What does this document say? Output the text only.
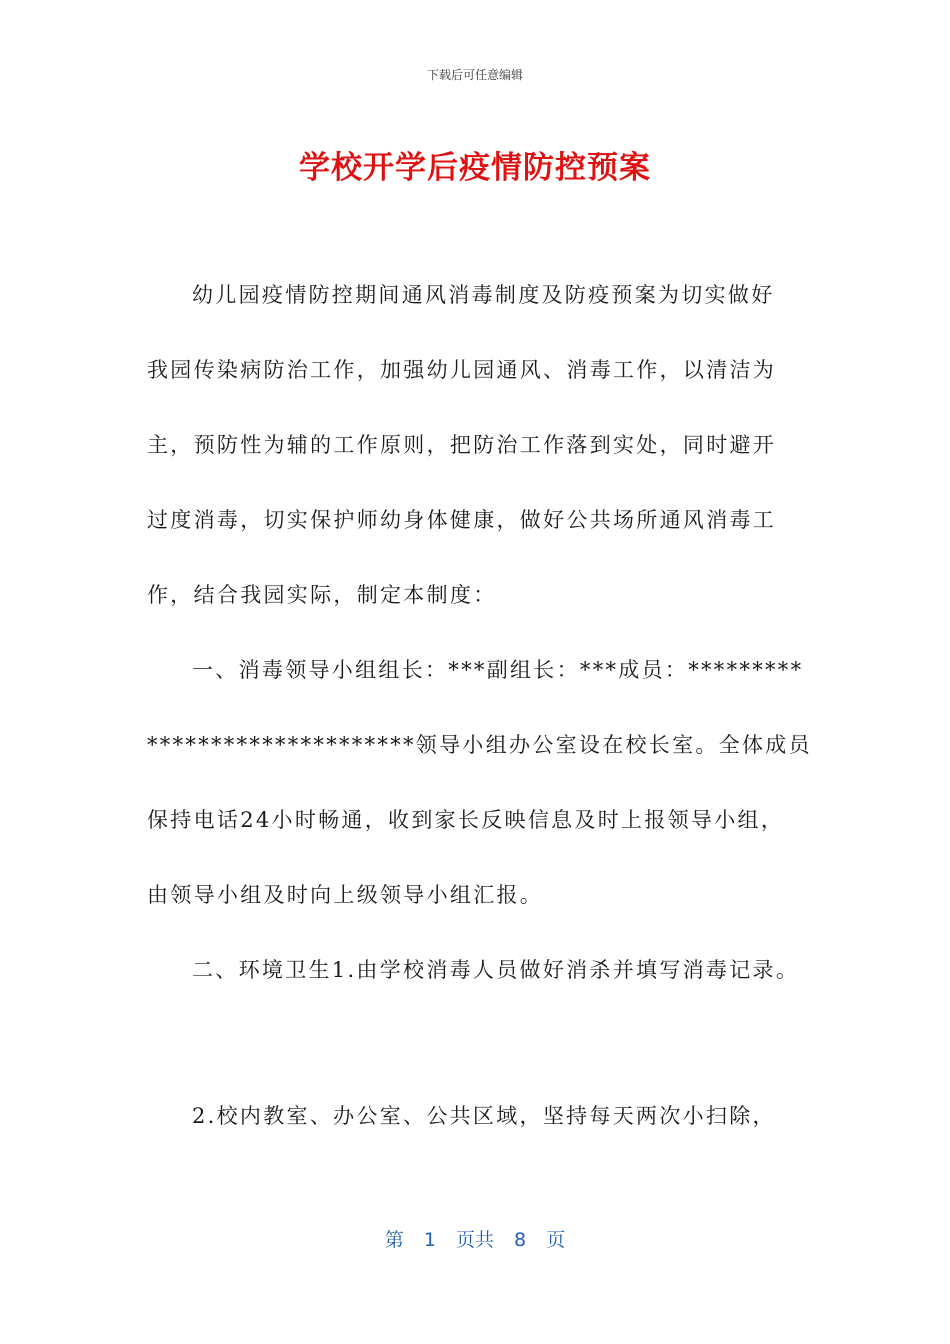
下载后可任意编辑
学校开学后疫情防控预案
幼儿园疫情防控期间通风消毒制度及防疫预案为切实做好
我园传染病防治工作，加强幼儿园通风、消毒工作，以清洁为
主，预防性为辅的工作原则，把防治工作落到实处，同时避开
过度消毒，切实保护师幼身体健康，做好公共场所通风消毒工
作，结合我园实际，制定本制度：
一、消毒领导小组组长：***副组长：***成员：*********
*********************领导小组办公室设在校长室。全体成员
保持电话24小时畅通，收到家长反映信息及时上报领导小组，
由领导小组及时向上级领导小组汇报。
二、环境卫生1.由学校消毒人员做好消杀并填写消毒记录。
2.校内教室、办公室、公共区域，坚持每天两次小扫除，
第 1 页共 8 页
